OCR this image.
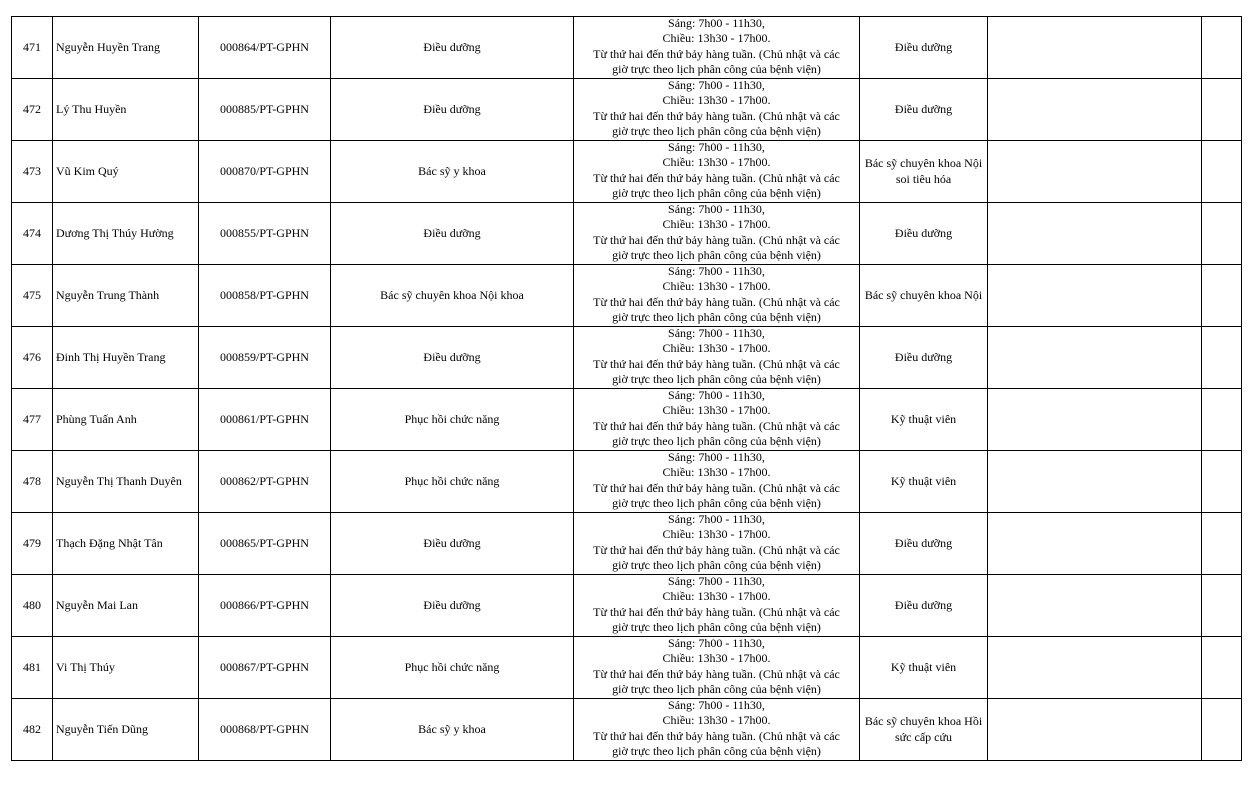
471	Nguyễn Huyền Trang	000864/PT-GPHN	Điều dưỡng	Sáng: 7h00 - 11h30,
Chiều: 13h30 - 17h00.
Từ thứ hai đến thứ bảy hàng tuần. (Chủ nhật và các
giờ trực theo lịch phân công của bệnh viện)	Điều dưỡng		
472	Lý Thu Huyền	000885/PT-GPHN	Điều dưỡng	Sáng: 7h00 - 11h30,
Chiều: 13h30 - 17h00.
Từ thứ hai đến thứ bảy hàng tuần. (Chủ nhật và các
giờ trực theo lịch phân công của bệnh viện)	Điều dưỡng		
473	Vũ Kim Quý	000870/PT-GPHN	Bác sỹ y khoa	Sáng: 7h00 - 11h30,
Chiều: 13h30 - 17h00.
Từ thứ hai đến thứ bảy hàng tuần. (Chủ nhật và các
giờ trực theo lịch phân công của bệnh viện)	Bác sỹ chuyên khoa Nội soi tiêu hóa		
474	Dương Thị Thúy Hường	000855/PT-GPHN	Điều dưỡng	Sáng: 7h00 - 11h30,
Chiều: 13h30 - 17h00.
Từ thứ hai đến thứ bảy hàng tuần. (Chủ nhật và các
giờ trực theo lịch phân công của bệnh viện)	Điều dưỡng		
475	Nguyễn Trung Thành	000858/PT-GPHN	Bác sỹ chuyên khoa Nội khoa	Sáng: 7h00 - 11h30,
Chiều: 13h30 - 17h00.
Từ thứ hai đến thứ bảy hàng tuần. (Chủ nhật và các
giờ trực theo lịch phân công của bệnh viện)	Bác sỹ chuyên khoa Nội		
476	Đinh Thị Huyền Trang	000859/PT-GPHN	Điều dưỡng	Sáng: 7h00 - 11h30,
Chiều: 13h30 - 17h00.
Từ thứ hai đến thứ bảy hàng tuần. (Chủ nhật và các
giờ trực theo lịch phân công của bệnh viện)	Điều dưỡng		
477	Phùng Tuấn Anh	000861/PT-GPHN	Phục hồi chức năng	Sáng: 7h00 - 11h30,
Chiều: 13h30 - 17h00.
Từ thứ hai đến thứ bảy hàng tuần. (Chủ nhật và các
giờ trực theo lịch phân công của bệnh viện)	Kỹ thuật viên		
478	Nguyễn Thị Thanh Duyên	000862/PT-GPHN	Phục hồi chức năng	Sáng: 7h00 - 11h30,
Chiều: 13h30 - 17h00.
Từ thứ hai đến thứ bảy hàng tuần. (Chủ nhật và các
giờ trực theo lịch phân công của bệnh viện)	Kỹ thuật viên		
479	Thạch Đặng Nhật Tân	000865/PT-GPHN	Điều dưỡng	Sáng: 7h00 - 11h30,
Chiều: 13h30 - 17h00.
Từ thứ hai đến thứ bảy hàng tuần. (Chủ nhật và các
giờ trực theo lịch phân công của bệnh viện)	Điều dưỡng		
480	Nguyễn Mai Lan	000866/PT-GPHN	Điều dưỡng	Sáng: 7h00 - 11h30,
Chiều: 13h30 - 17h00.
Từ thứ hai đến thứ bảy hàng tuần. (Chủ nhật và các
giờ trực theo lịch phân công của bệnh viện)	Điều dưỡng		
481	Vi Thị Thúy	000867/PT-GPHN	Phục hồi chức năng	Sáng: 7h00 - 11h30,
Chiều: 13h30 - 17h00.
Từ thứ hai đến thứ bảy hàng tuần. (Chủ nhật và các
giờ trực theo lịch phân công của bệnh viện)	Kỹ thuật viên		
482	Nguyễn Tiến Dũng	000868/PT-GPHN	Bác sỹ y khoa	Sáng: 7h00 - 11h30,
Chiều: 13h30 - 17h00.
Từ thứ hai đến thứ bảy hàng tuần. (Chủ nhật và các
giờ trực theo lịch phân công của bệnh viện)	Bác sỹ chuyên khoa Hồi sức cấp cứu		
